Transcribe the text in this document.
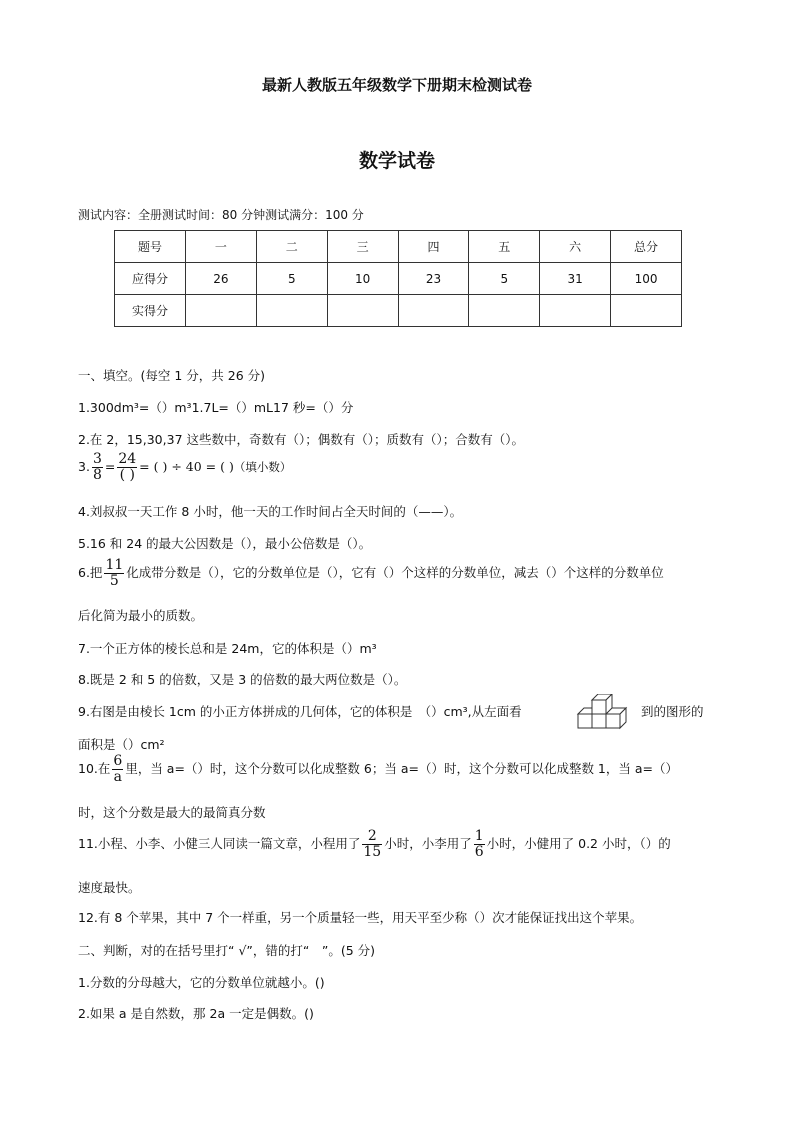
最新人教版五年级数学下册期末检测试卷
数学试卷
测试内容：全册测试时间：80 分钟测试满分：100 分
题号	一	二	三	四	五	六	总分
应得分	26	5	10	23	5	31	100
实得分							
一、填空。(每空 1 分，共 26 分)
1.300dm³=（）m³1.7L=（）mL17 秒=（）分
2.在 2，15,30,37 这些数中，奇数有（）；偶数有（）；质数有（）；合数有（）。
3. $\frac{3}{8} = \frac{24}{( )}$ = ( ) ÷ 40 = ( )（填小数）
4.刘叔叔一天工作 8 小时，他一天的工作时间占全天时间的（——）。
5.16 和 24 的最大公因数是（），最小公倍数是（）。
6.把 $\frac{11}{5}$ 化成带分数是（），它的分数单位是（），它有（）个这样的分数单位，减去（）个这样的分数单位
后化简为最小的质数。
7.一个正方体的棱长总和是 24m，它的体积是（）m³
8.既是 2 和 5 的倍数，又是 3 的倍数的最大两位数是（）。
9.右图是由棱长 1cm 的小正方体拼成的几何体，它的体积是　（）cm³,从左面看	到的图形的
面积是（）cm²
10.在 $\frac{6}{a}$ 里，当 a=（）时，这个分数可以化成整数 6；当 a=（）时，这个分数可以化成整数 1，当 a=（）
时，这个分数是最大的最简真分数
11.小程、小李、小健三人同读一篇文章，小程用了 $\frac{2}{15}$ 小时，小李用了 $\frac{1}{6}$ 小时，小健用了 0.2 小时，（）的
速度最快。
12.有 8 个苹果，其中 7 个一样重，另一个质量轻一些，用天平至少称（）次才能保证找出这个苹果。
二、判断，对的在括号里打“ √”，错的打“　”。(5 分)
1.分数的分母越大，它的分数单位就越小。()
2.如果 a 是自然数，那 2a 一定是偶数。()
